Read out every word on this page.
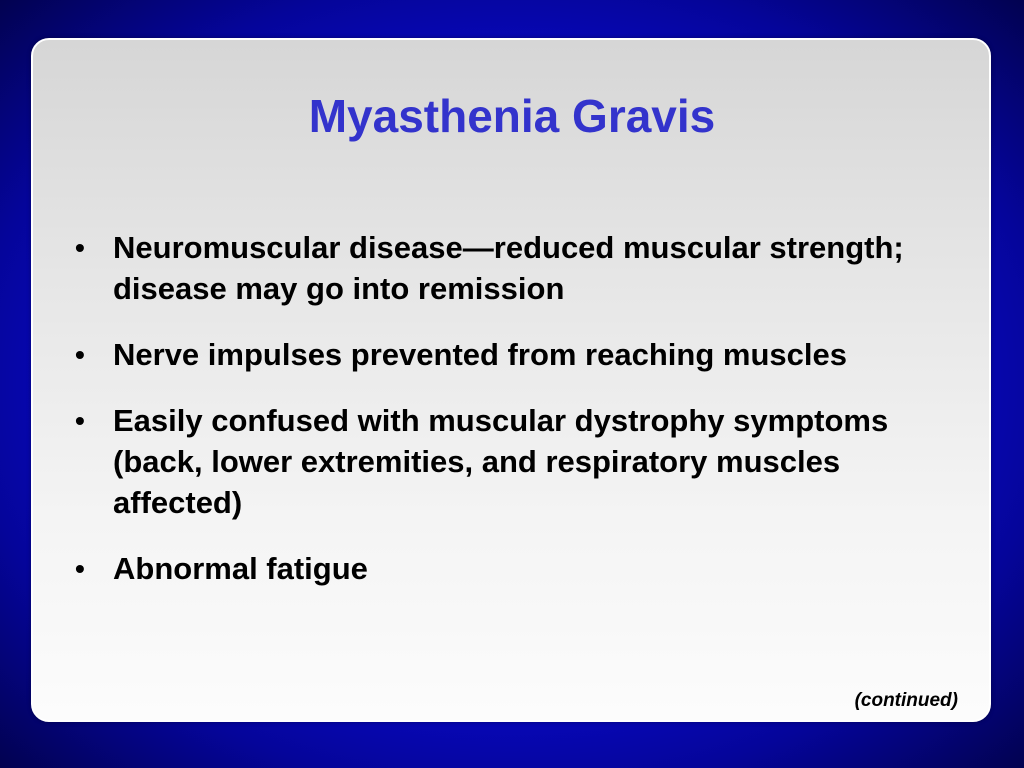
Myasthenia Gravis
• Neuromuscular disease—reduced muscular strength; disease may go into remission
• Nerve impulses prevented from reaching muscles
• Easily confused with muscular dystrophy symptoms (back, lower extremities, and respiratory muscles affected)
• Abnormal fatigue
(continued)
